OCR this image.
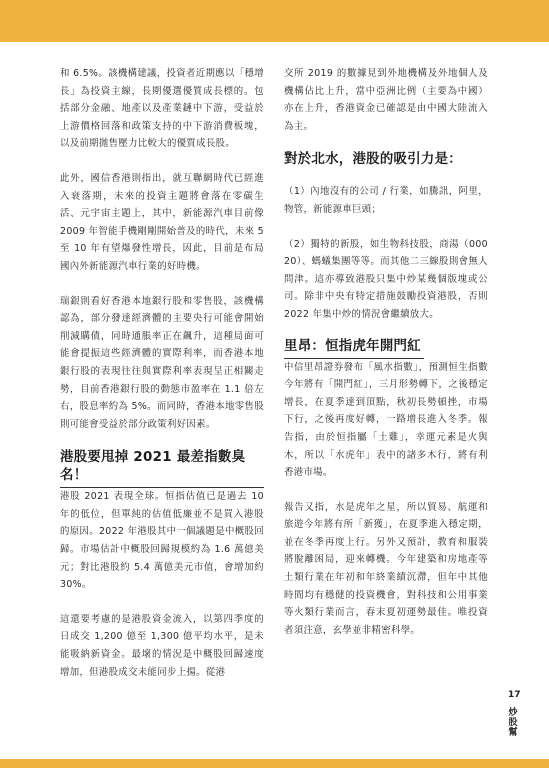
和 6.5%。該機構建議，投資者近期應以「穩增長」為投資主線，長期優選優質成長標的。包括部分金融、地產以及產業鏈中下游，受益於上游價格回落和政策支持的中下游消費板塊，以及前期拋售壓力比較大的優質成長股。

此外，國信香港則指出，就互聯網時代已經進入衰落期，未來的投資主題將會落在零碳生活、元宇宙主題上，其中，新能源汽車目前像 2009 年智能手機剛剛開始普及的時代，未來 5 至 10 年有望爆發性增長，因此，目前是布局國內外新能源汽車行業的好時機。

瑞銀則看好香港本地銀行股和零售股，該機構認為，部分發達經濟體的主要央行可能會開始削減購債，同時通脹率正在飆升，這種局面可能會提振這些經濟體的實際利率，而香港本地銀行股的表現往往與實際利率表現呈正相關走勢，目前香港銀行股的動態市盈率在 1.1 倍左右，股息率約為 5%。而同時，香港本地零售股則可能會受益於部分政策利好因素。

港股要甩掉 2021 最差指數臭名！

港股 2021 表現全球。恒指估值已是過去 10 年的低位，但單純的估值低廉並不是買入港股的原因。2022 年港股其中一個議題是中概股回歸。市場估計中概股回歸規模約為 1.6 萬億美元；對比港股約 5.4 萬億美元市值，會增加約 30%。

這還要考慮的是港股資金流入，以第四季度的日成交 1,200 億至 1,300 億平均水平，是未能吸納新資金。最壞的情況是中概股回歸速度增加，但港股成交未能同步上揚。從港

交所 2019 的數據見到外地機構及外地個人及機構佔比上升，當中亞洲比例（主要為中國）亦在上升，香港資金已確認是由中國大陸流入為主。

對於北水，港股的吸引力是：

（1）內地沒有的公司 / 行業，如騰訊，阿里，物管，新能源車巨頭；

（2）獨特的新股，如生物科技股，商湯（00020）、螞蟻集團等等。而其他二三線股則會無人問津。這亦導致港股只集中炒某幾個版塊或公司。除非中央有特定措施鼓勵投資港股，否則 2022 年集中炒的情況會繼續放大。

里昂：恒指虎年開門紅

中信里昂證券發布「風水指數」，預測恒生指數今年將有「開門紅」，三月形勢轉下，之後穩定增長，在夏季達到頂點，秋初長勢頓挫，市場下行，之後再度好轉，一路增長進入冬季。報告指，由於恒指屬「土雞」，幸運元素是火與木，所以「水虎年」表中的諸多木行，將有利香港市場。

報告又指，水是虎年之星，所以貿易、航運和旅遊今年將有所「新獲」，在夏季進入穩定期，並在冬季再度上行。另外又預計，教育和服裝將脫離困局，迎來轉機。今年建築和房地產等土類行業在年初和年終業績沉滯，但年中其他時間均有穩健的投資機會，對科技和公用事業等火類行業而言，春末夏初運勢最佳。唯投資者須注意，玄學並非精密科學。

17
炒股幫
